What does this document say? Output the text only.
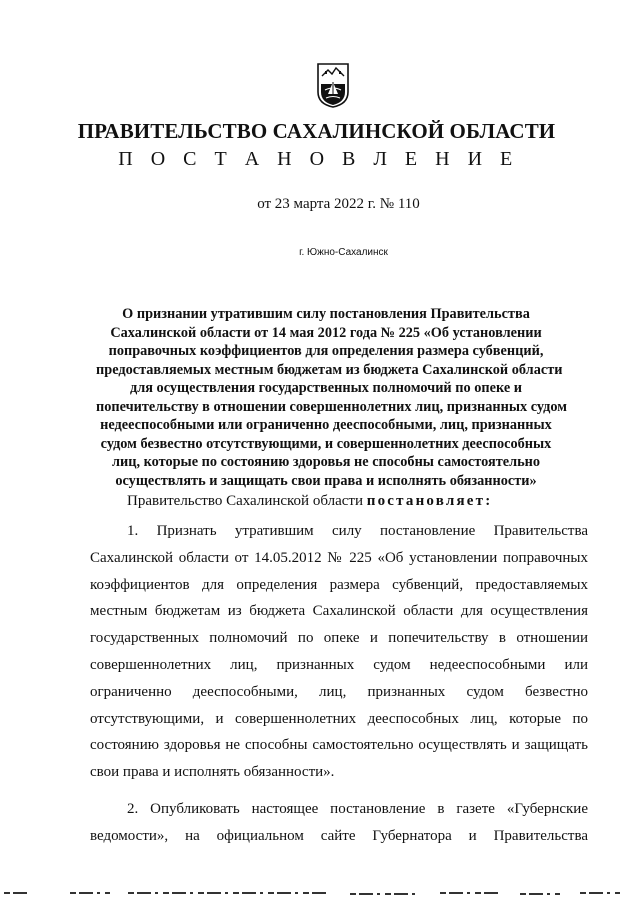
ПРАВИТЕЛЬСТВО САХАЛИНСКОЙ ОБЛАСТИ
П О С Т А Н О В Л Е Н И Е
от 23 марта 2022 г. № 110
г. Южно-Сахалинск
О признании утратившим силу постановления Правительства
Сахалинской области от 14 мая 2012 года № 225 «Об установлении
поправочных коэффициентов для определения размера субвенций,
предоставляемых местным бюджетам из бюджета Сахалинской области
для осуществления государственных полномочий по опеке и
попечительству в отношении совершеннолетних лиц, признанных судом
недееспособными или ограниченно дееспособными, лиц, признанных
судом безвестно отсутствующими, и совершеннолетних дееспособных
лиц, которые по состоянию здоровья не способны самостоятельно
осуществлять и защищать свои права и исполнять обязанности»
Правительство Сахалинской области постановляет:
1. Признать утратившим силу постановление Правительства
Сахалинской области от 14.05.2012 № 225 «Об установлении поправочных
коэффициентов для определения размера субвенций, предоставляемых
местным бюджетам из бюджета Сахалинской области для осуществления
государственных полномочий по опеке и попечительству в отношении
совершеннолетних лиц, признанных судом недееспособными или
ограниченно дееспособными, лиц, признанных судом безвестно
отсутствующими, и совершеннолетних дееспособных лиц, которые по
состоянию здоровья не способны самостоятельно осуществлять и защищать
свои права и исполнять обязанности».
2. Опубликовать настоящее постановление в газете «Губернские
ведомости», на официальном сайте Губернатора и Правительства
